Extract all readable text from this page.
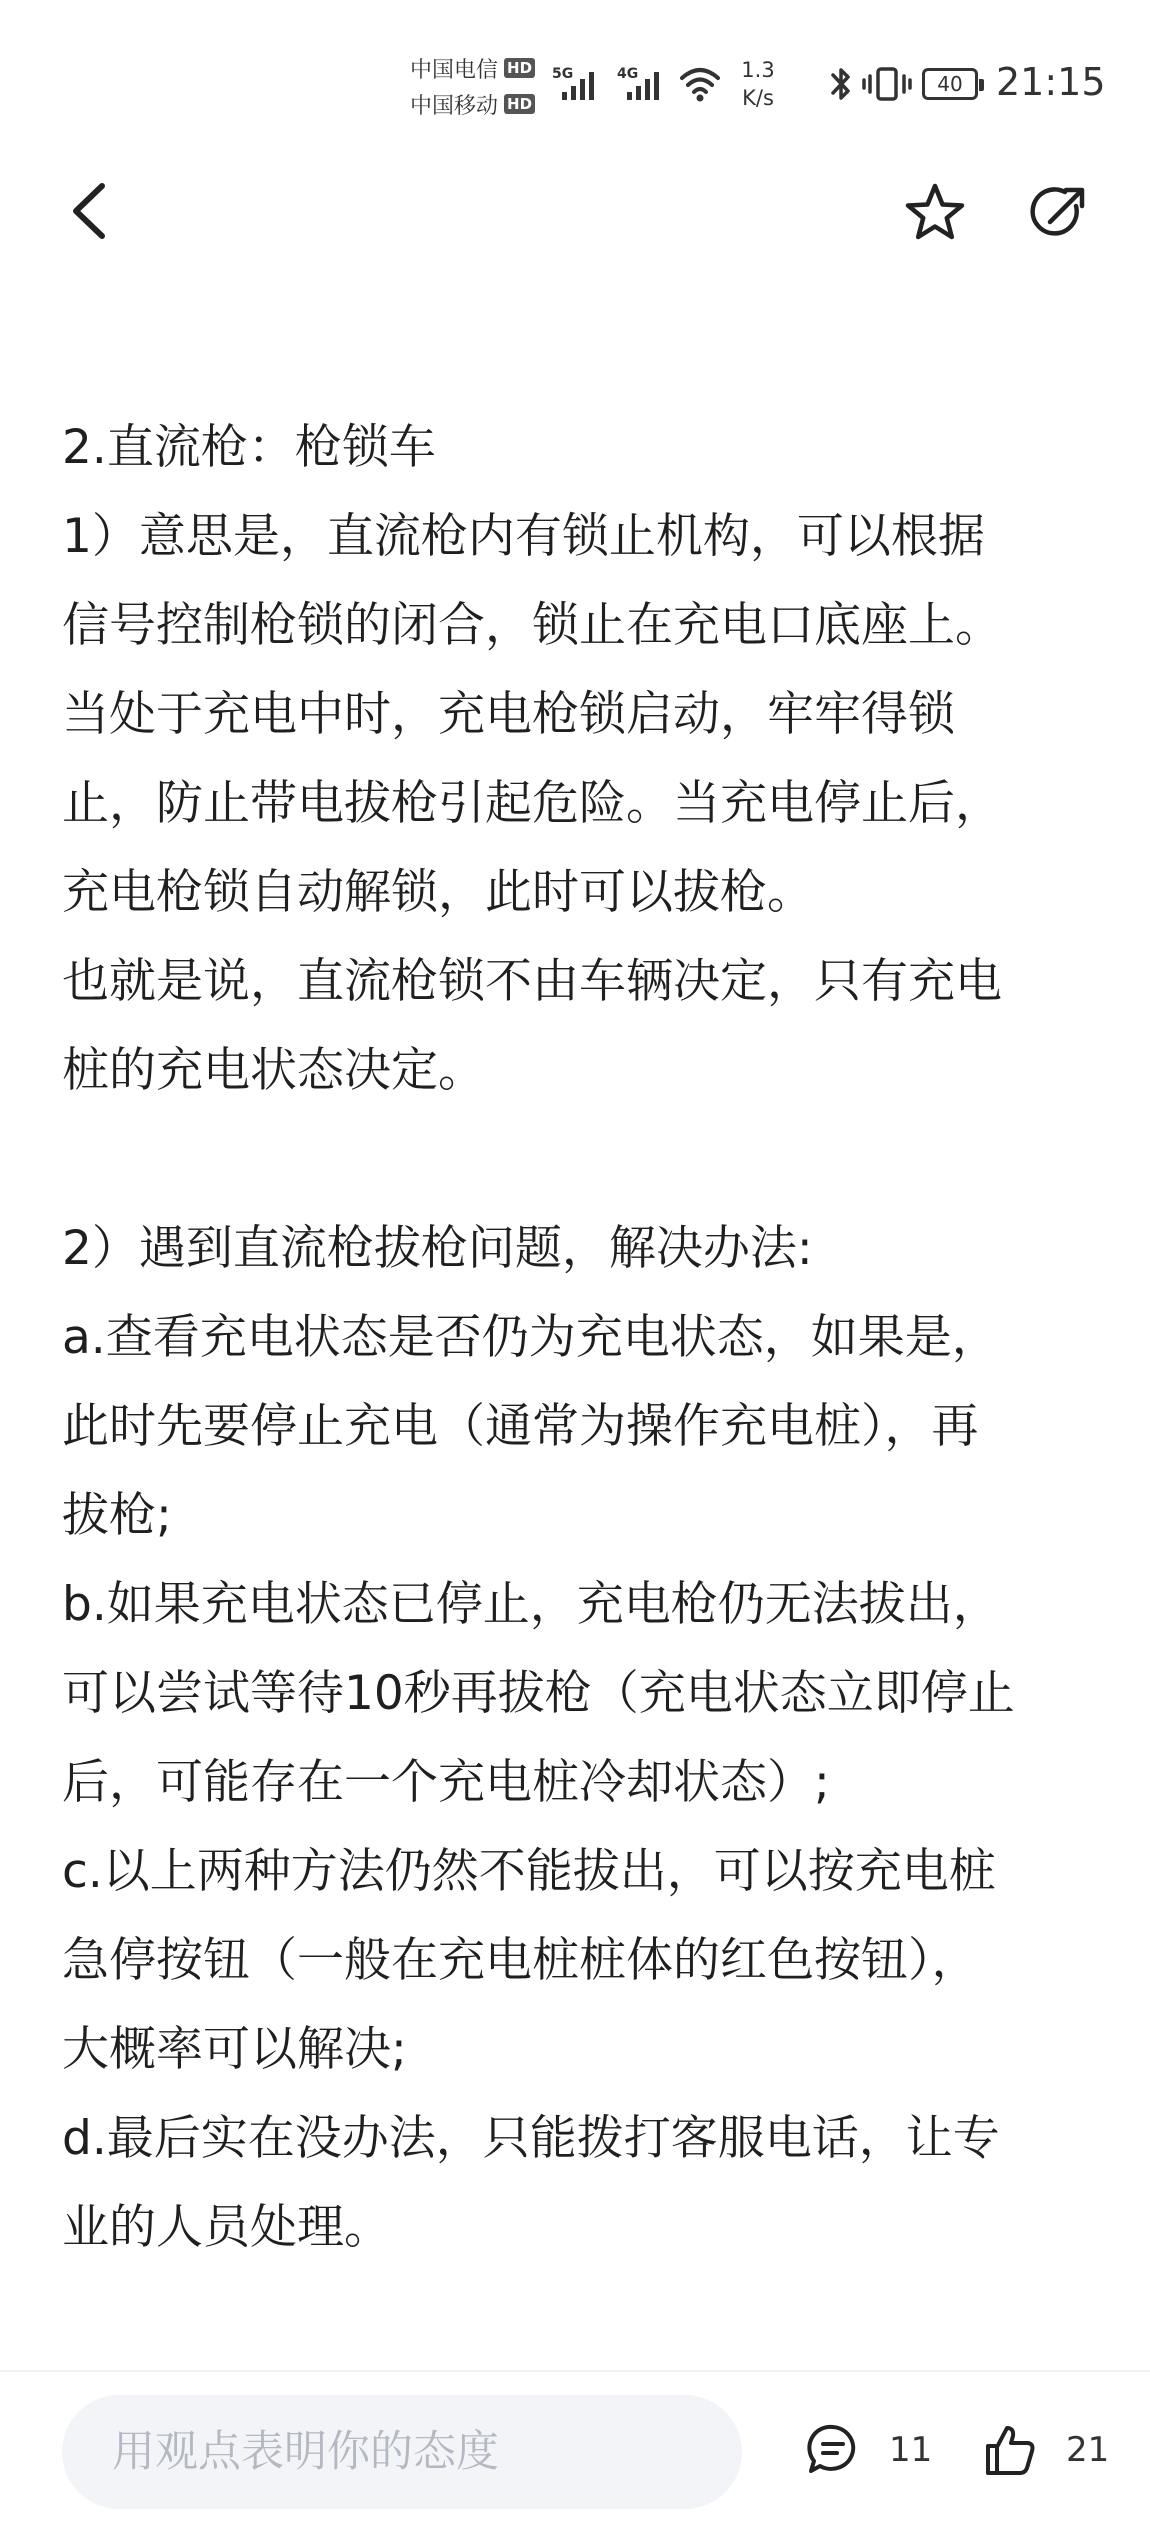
中国电信 HD
中国移动 HD
5G	4G	1.3
K/s
40 21:15
2.直流枪：枪锁车
1）意思是，直流枪内有锁止机构，可以根据
信号控制枪锁的闭合，锁止在充电口底座上。
当处于充电中时，充电枪锁启动，牢牢得锁
止，防止带电拔枪引起危险。当充电停止后，
充电枪锁自动解锁，此时可以拔枪。
也就是说，直流枪锁不由车辆决定，只有充电
桩的充电状态决定。
2）遇到直流枪拔枪问题，解决办法:
a.查看充电状态是否仍为充电状态，如果是，
此时先要停止充电（通常为操作充电桩），再
拔枪;
b.如果充电状态已停止，充电枪仍无法拔出，
可以尝试等待10秒再拔枪（充电状态立即停止
后，可能存在一个充电桩冷却状态）;
c.以上两种方法仍然不能拔出，可以按充电桩
急停按钮（一般在充电桩桩体的红色按钮），
大概率可以解决;
d.最后实在没办法，只能拨打客服电话，让专
业的人员处理。
用观点表明你的态度
11	21
